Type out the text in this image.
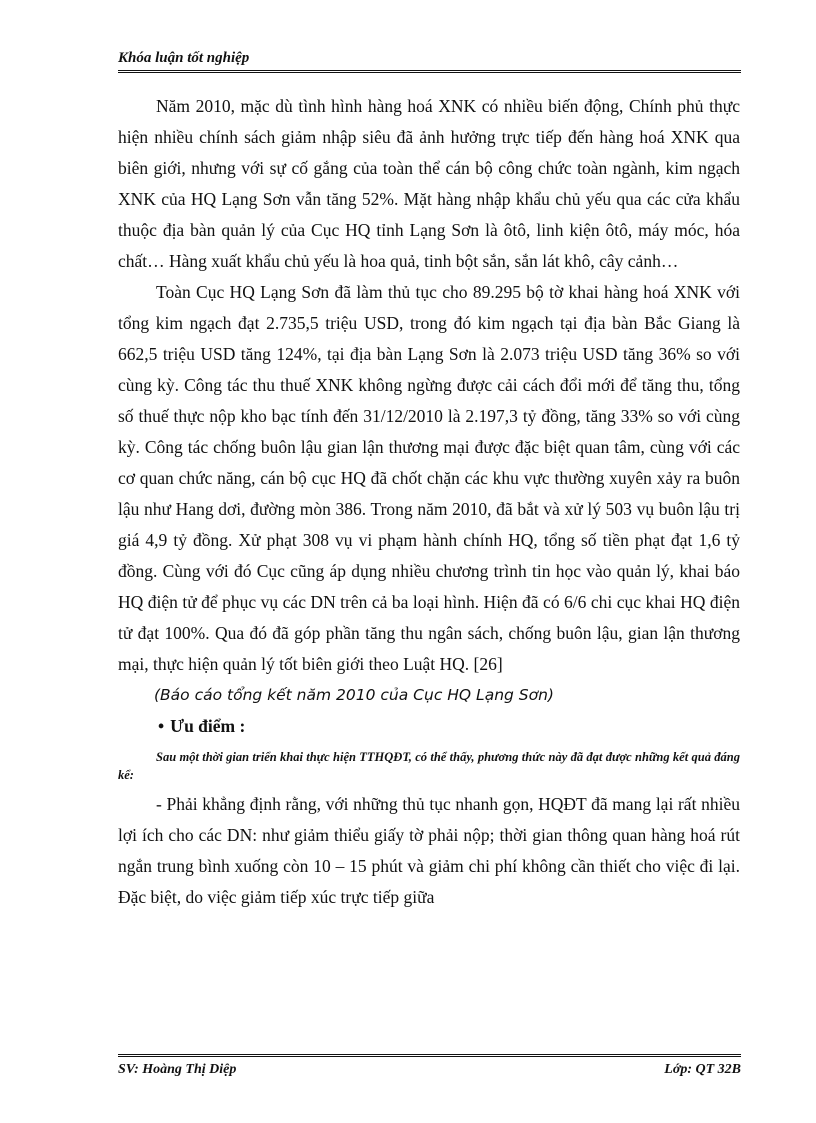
Khóa luận tốt nghiệp

Năm 2010, mặc dù tình hình hàng hoá XNK có nhiều biến động, Chính phủ thực hiện nhiều chính sách giảm nhập siêu đã ảnh hưởng trực tiếp đến hàng hoá XNK qua biên giới, nhưng với sự cố gắng của toàn thể cán bộ công chức toàn ngành, kim ngạch XNK của HQ Lạng Sơn vẫn tăng 52%. Mặt hàng nhập khẩu chủ yếu qua các cửa khẩu thuộc địa bàn quản lý của Cục HQ tỉnh Lạng Sơn là ôtô, linh kiện ôtô, máy móc, hóa chất… Hàng xuất khẩu chủ yếu là hoa quả, tinh bột sắn, sắn lát khô, cây cảnh…

Toàn Cục HQ Lạng Sơn đã làm thủ tục cho 89.295 bộ tờ khai hàng hoá XNK với tổng kim ngạch đạt 2.735,5 triệu USD, trong đó kim ngạch tại địa bàn Bắc Giang là 662,5 triệu USD tăng 124%, tại địa bàn Lạng Sơn là 2.073 triệu USD tăng 36% so với cùng kỳ. Công tác thu thuế XNK không ngừng được cải cách đổi mới để tăng thu, tổng số thuế thực nộp kho bạc tính đến 31/12/2010 là 2.197,3 tỷ đồng, tăng 33% so với cùng kỳ. Công tác chống buôn lậu gian lận thương mại được đặc biệt quan tâm, cùng với các cơ quan chức năng, cán bộ cục HQ đã chốt chặn các khu vực thường xuyên xảy ra buôn lậu như Hang dơi, đường mòn 386. Trong năm 2010, đã bắt và xử lý 503 vụ buôn lậu trị giá 4,9 tỷ đồng. Xử phạt 308 vụ vi phạm hành chính HQ, tổng số tiền phạt đạt 1,6 tỷ đồng. Cùng với đó Cục cũng áp dụng nhiều chương trình tin học vào quản lý, khai báo HQ điện tử để phục vụ các DN trên cả ba loại hình. Hiện đã có 6/6 chi cục khai HQ điện tử đạt 100%. Qua đó đã góp phần tăng thu ngân sách, chống buôn lậu, gian lận thương mại, thực hiện quản lý tốt biên giới theo Luật HQ. [26]

(Báo cáo tổng kết năm 2010 của Cục HQ Lạng Sơn)

• Ưu điểm :

Sau một thời gian triển khai thực hiện TTHQĐT, có thể thấy, phương thức này đã đạt được những kết quả đáng kể:

- Phải khẳng định rằng, với những thủ tục nhanh gọn, HQĐT đã mang lại rất nhiều lợi ích cho các DN: như giảm thiểu giấy tờ phải nộp; thời gian thông quan hàng hoá rút ngắn trung bình xuống còn 10 – 15 phút và giảm chi phí không cần thiết cho việc đi lại. Đặc biệt, do việc giảm tiếp xúc trực tiếp giữa

SV: Hoàng Thị Diệp	Lớp: QT 32B
